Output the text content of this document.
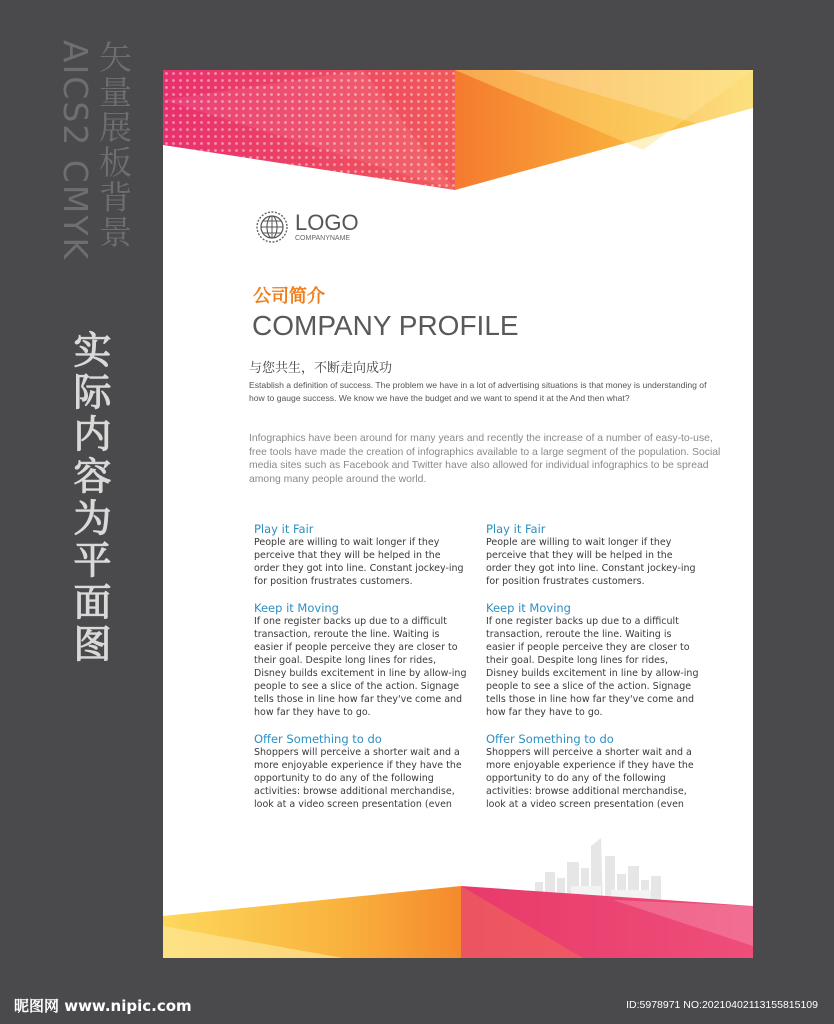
矢量展板背景
AICS2 CMYK
实际内容为平面图
LOGO
COMPANYNAME
公司简介
COMPANY PROFILE
与您共生，不断走向成功
Establish a definition of success. The problem we have in a lot of advertising situations is that money is understanding of how to gauge success. We know we have the budget and we want to spend it at the And then what?
Infographics have been around for many years and recently the increase of a number of easy-to-use, free tools have made the creation of infographics available to a large segment of the population. Social media sites such as Facebook and Twitter have also allowed for individual infographics to be spread among many people around the world.
Play it Fair
People are willing to wait longer if they perceive that they will be helped in the order they got into line. Constant jockey-ing for position frustrates customers.
Keep it Moving
If one register backs up due to a difficult transaction, reroute the line. Waiting is easier if people perceive they are closer to their goal. Despite long lines for rides, Disney builds excitement in line by allow-ing people to see a slice of the action. Signage tells those in line how far they've come and how far they have to go.
Offer Something to do
Shoppers will perceive a shorter wait and a more enjoyable experience if they have the opportunity to do any of the following activities: browse additional merchandise, look at a video screen presentation (even
Play it Fair
People are willing to wait longer if they perceive that they will be helped in the order they got into line. Constant jockey-ing for position frustrates customers.
Keep it Moving
If one register backs up due to a difficult transaction, reroute the line. Waiting is easier if people perceive they are closer to their goal. Despite long lines for rides, Disney builds excitement in line by allow-ing people to see a slice of the action. Signage tells those in line how far they've come and how far they have to go.
Offer Something to do
Shoppers will perceive a shorter wait and a more enjoyable experience if they have the opportunity to do any of the following activities: browse additional merchandise, look at a video screen presentation (even
昵图网 www.nipic.com	ID:5978971 NO:20210402113155815109
